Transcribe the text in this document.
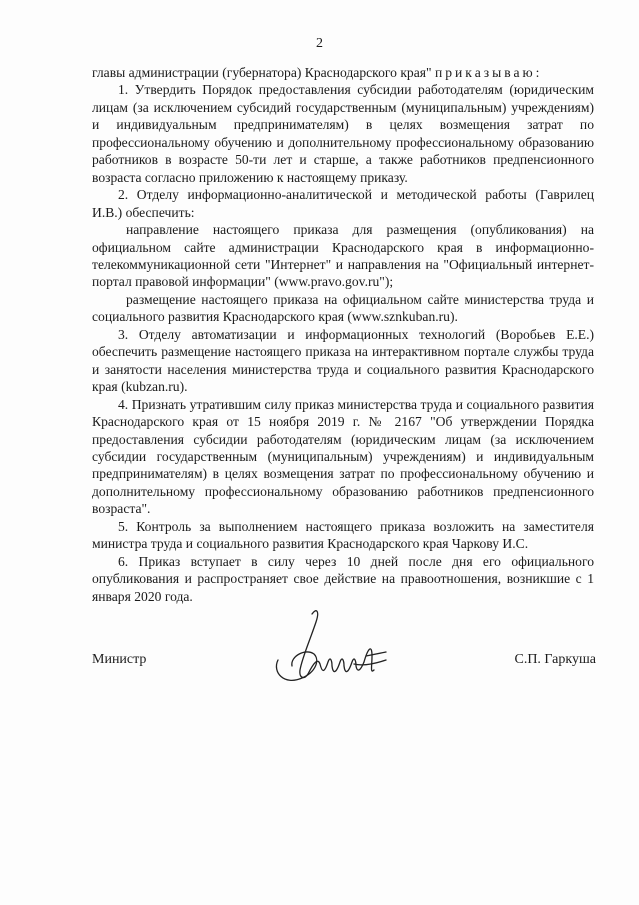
2

главы администрации (губернатора) Краснодарского края" приказываю:

1. Утвердить Порядок предоставления субсидии работодателям (юридическим лицам (за исключением субсидий государственным (муниципальным) учреждениям) и индивидуальным предпринимателям) в целях возмещения затрат по профессиональному обучению и дополнительному профессиональному образованию работников в возрасте 50-ти лет и старше, а также работников предпенсионного возраста согласно приложению к настоящему приказу.

2. Отделу информационно-аналитической и методической работы (Гаврилец И.В.) обеспечить:

направление настоящего приказа для размещения (опубликования) на официальном сайте администрации Краснодарского края в информационно-телекоммуникационной сети "Интернет" и направления на "Официальный интернет-портал правовой информации" (www.pravo.gov.ru");

размещение настоящего приказа на официальном сайте министерства труда и социального развития Краснодарского края (www.sznkuban.ru).

3. Отделу автоматизации и информационных технологий (Воробьев Е.Е.) обеспечить размещение настоящего приказа на интерактивном портале службы труда и занятости населения министерства труда и социального развития Краснодарского края (kubzan.ru).

4. Признать утратившим силу приказ министерства труда и социального развития Краснодарского края от 15 ноября 2019 г. № 2167 "Об утверждении Порядка предоставления субсидии работодателям (юридическим лицам (за исключением субсидии государственным (муниципальным) учреждениям) и индивидуальным предпринимателям) в целях возмещения затрат по профессиональному обучению и дополнительному профессиональному образованию работников предпенсионного возраста".

5. Контроль за выполнением настоящего приказа возложить на заместителя министра труда и социального развития Краснодарского края Чаркову И.С.

6. Приказ вступает в силу через 10 дней после дня его официального опубликования и распространяет свое действие на правоотношения, возникшие с 1 января 2020 года.

Министр	С.П. Гаркуша
